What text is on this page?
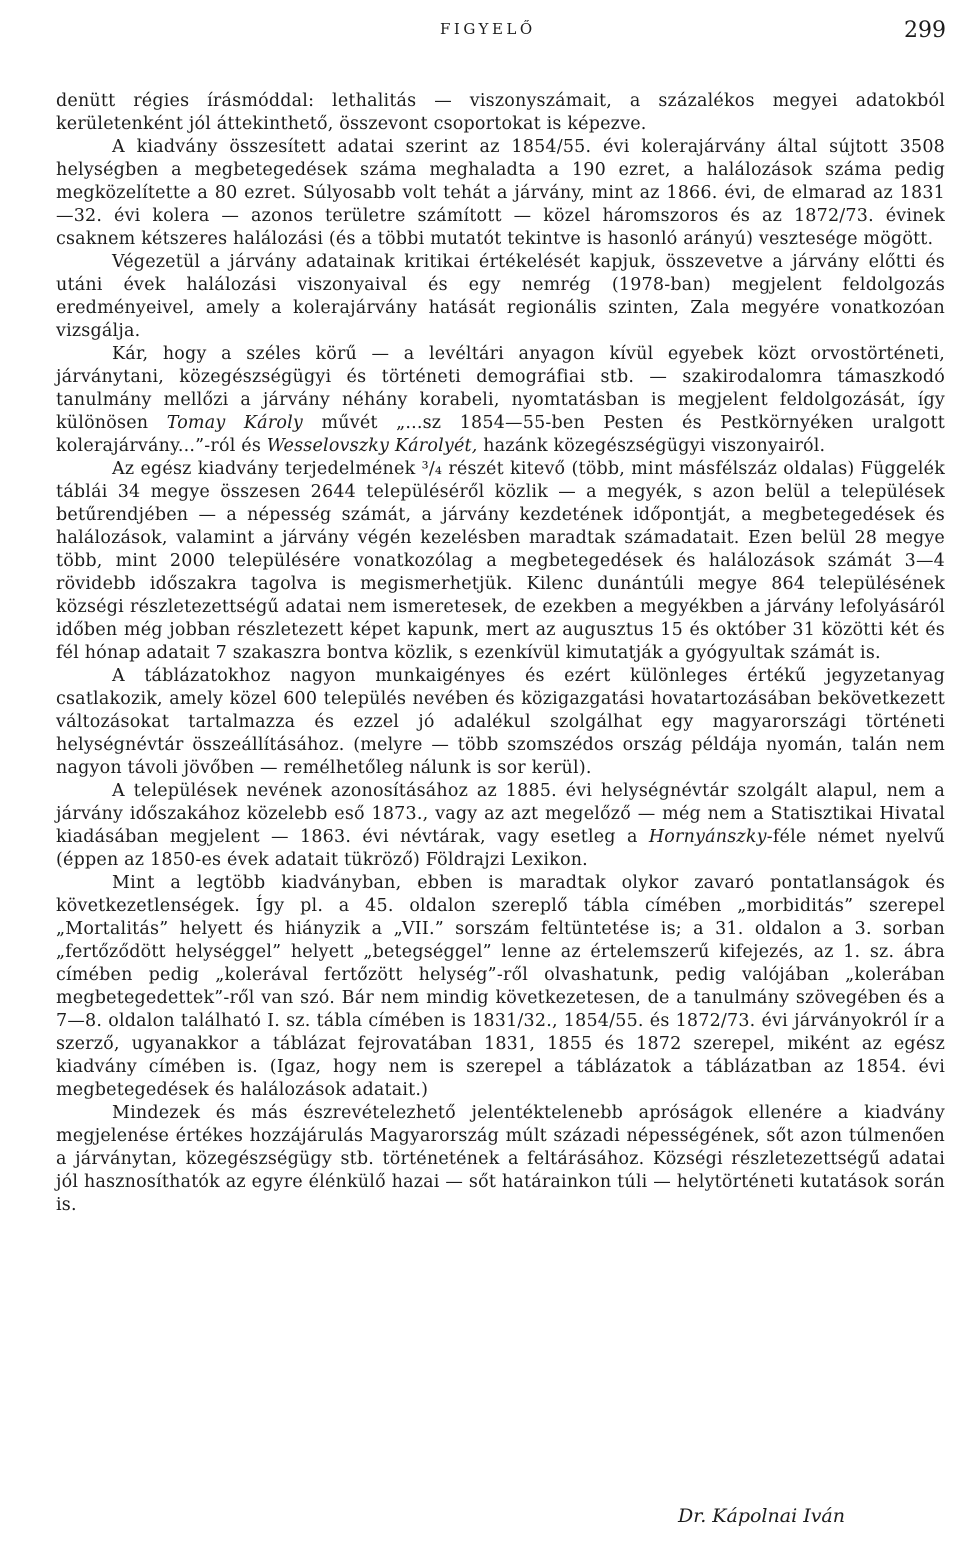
FIGYELŐ	299

denütt régies írásmóddal: lethalitás — viszonyszámait, a százalékos megyei adatokból kerületenként jól áttekinthető, összevont csoportokat is képezve.

A kiadvány összesített adatai szerint az 1854/55. évi kolerajárvány által sújtott 3508 helységben a megbetegedések száma meghaladta a 190 ezret, a halálozások száma pedig megközelítette a 80 ezret. Súlyosabb volt tehát a járvány, mint az 1866. évi, de elmarad az 1831—32. évi kolera — azonos területre számított — közel háromszoros és az 1872/73. évinek csaknem kétszeres halálozási (és a többi mutatót tekintve is hasonló arányú) vesztesége mögött.

Végezetül a járvány adatainak kritikai értékelését kapjuk, összevetve a járvány előtti és utáni évek halálozási viszonyaival és egy nemrég (1978-ban) megjelent feldolgozás eredményeivel, amely a kolerajárvány hatását regionális szinten, Zala megyére vonatkozóan vizsgálja.

Kár, hogy a széles körű — a levéltári anyagon kívül egyebek közt orvostörténeti, járványtani, közegészségügyi és történeti demográfiai stb. — szakirodalomra támaszkodó tanulmány mellőzi a járvány néhány korabeli, nyomtatásban is megjelent feldolgozását, így különösen Tomay Károly művét „...sz 1854—55-ben Pesten és Pestkörnyéken uralgott kolerajárvány...”-ról és Wesselovszky Károlyét, hazánk közegészségügyi viszonyairól.

Az egész kiadvány terjedelmének ³/₄ részét kitevő (több, mint másfélszáz oldalas) Függelék táblái 34 megye összesen 2644 településéről közlik — a megyék, s azon belül a települések betűrendjében — a népesség számát, a járvány kezdetének időpontját, a megbetegedések és halálozások, valamint a járvány végén kezelésben maradtak számadatait. Ezen belül 28 megye több, mint 2000 településére vonatkozólag a megbetegedések és halálozások számát 3—4 rövidebb időszakra tagolva is megismerhetjük. Kilenc dunántúli megye 864 településének községi részletezettségű adatai nem ismeretesek, de ezekben a megyékben a járvány lefolyásáról időben még jobban részletezett képet kapunk, mert az augusztus 15 és október 31 közötti két és fél hónap adatait 7 szakaszra bontva közlik, s ezenkívül kimutatják a gyógyultak számát is.

A táblázatokhoz nagyon munkaigényes és ezért különleges értékű jegyzetanyag csatlakozik, amely közel 600 település nevében és közigazgatási hovatartozásában bekövetkezett változásokat tartalmazza és ezzel jó adalékul szolgálhat egy magyarországi történeti helységnévtár összeállításához. (melyre — több szomszédos ország példája nyomán, talán nem nagyon távoli jövőben — remélhetőleg nálunk is sor kerül).

A települések nevének azonosításához az 1885. évi helységnévtár szolgált alapul, nem a járvány időszakához közelebb eső 1873., vagy az azt megelőző — még nem a Statisztikai Hivatal kiadásában megjelent — 1863. évi névtárak, vagy esetleg a Hornyánszky-féle német nyelvű (éppen az 1850-es évek adatait tükröző) Földrajzi Lexikon.

Mint a legtöbb kiadványban, ebben is maradtak olykor zavaró pontatlanságok és következetlenségek. Így pl. a 45. oldalon szereplő tábla címében „morbiditás” szerepel „Mortalitás” helyett és hiányzik a „VII.” sorszám feltüntetése is; a 31. oldalon a 3. sorban „fertőződött helységgel” helyett „betegséggel” lenne az értelemszerű kifejezés, az 1. sz. ábra címében pedig „kolerával fertőzött helység”-ről olvashatunk, pedig valójában „kolerában megbetegedettek”-ről van szó. Bár nem mindig következetesen, de a tanulmány szövegében és a 7—8. oldalon található I. sz. tábla címében is 1831/32., 1854/55. és 1872/73. évi járványokról ír a szerző, ugyanakkor a táblázat fejrovatában 1831, 1855 és 1872 szerepel, miként az egész kiadvány címében is. (Igaz, hogy nem is szerepel a táblázatok a táblázatban az 1854. évi megbetegedések és halálozások adatait.)

Mindezek és más észrevételezhető jelentéktelenebb apróságok ellenére a kiadvány megjelenése értékes hozzájárulás Magyarország múlt századi népességének, sőt azon túlmenően a járványtan, közegészségügy stb. történetének a feltárásához. Községi részletezettségű adatai jól hasznosíthatók az egyre élénkülő hazai — sőt határainkon túli — helytörténeti kutatások során is.

Dr. Kápolnai Iván
